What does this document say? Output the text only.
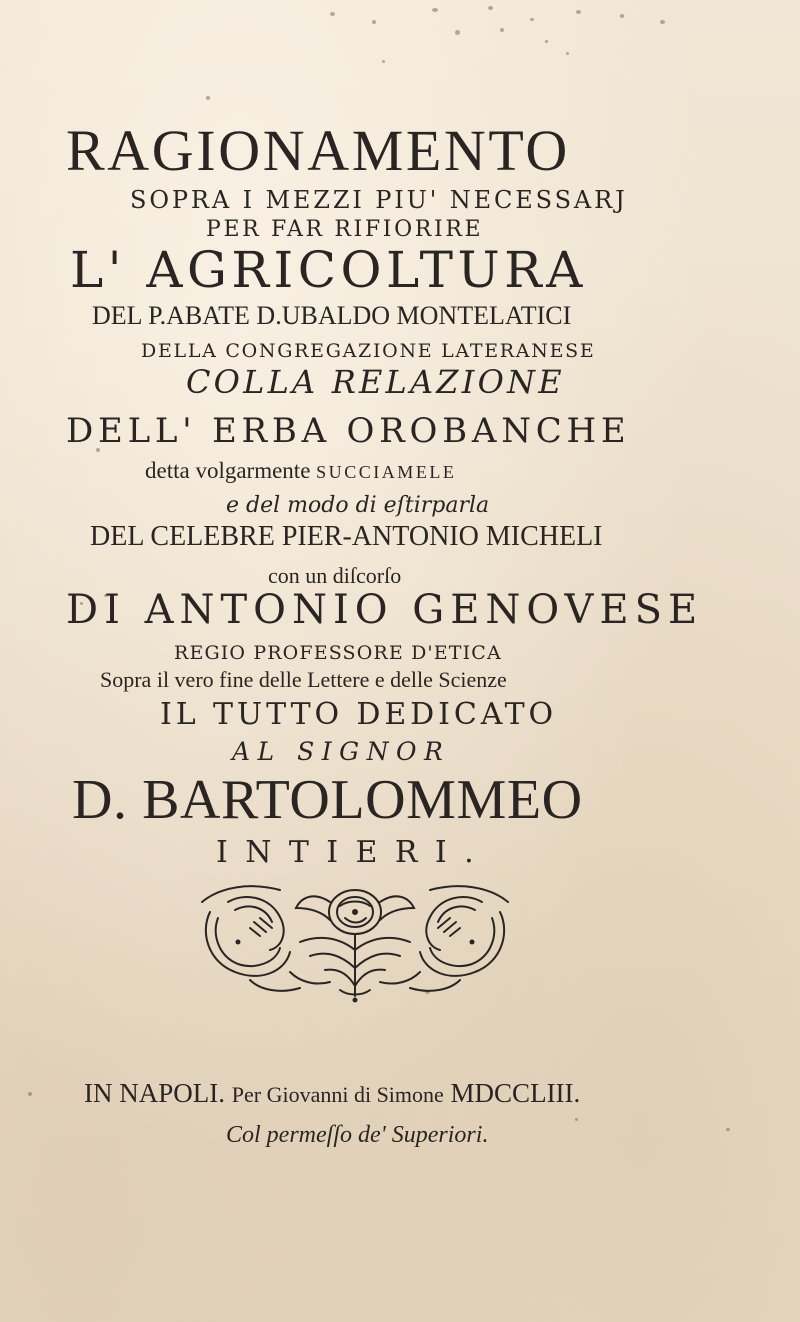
RAGIONAMENTO
SOPRA I MEZZI PIU' NECESSARJ
PER FAR RIFIORIRE
L' AGRICOLTURA
DEL P.ABATE D.UBALDO MONTELATICI
DELLA CONGREGAZIONE LATERANESE
COLLA RELAZIONE
DELL' ERBA OROBANCHE
detta volgarmente SUCCIAMELE
e del modo di eſtirparla
DEL CELEBRE PIER-ANTONIO MICHELI
con un diſcorſo
DI ANTONIO GENOVESE
REGIO PROFESSORE D'ETICA
Sopra il vero fine delle Lettere e delle Scienze
IL TUTTO DEDICATO
AL SIGNOR
D. BARTOLOMMEO
INTIERI.
IN NAPOLI. Per Giovanni di Simone MDCCLIII.
Col permeſſo de' Superiori.
